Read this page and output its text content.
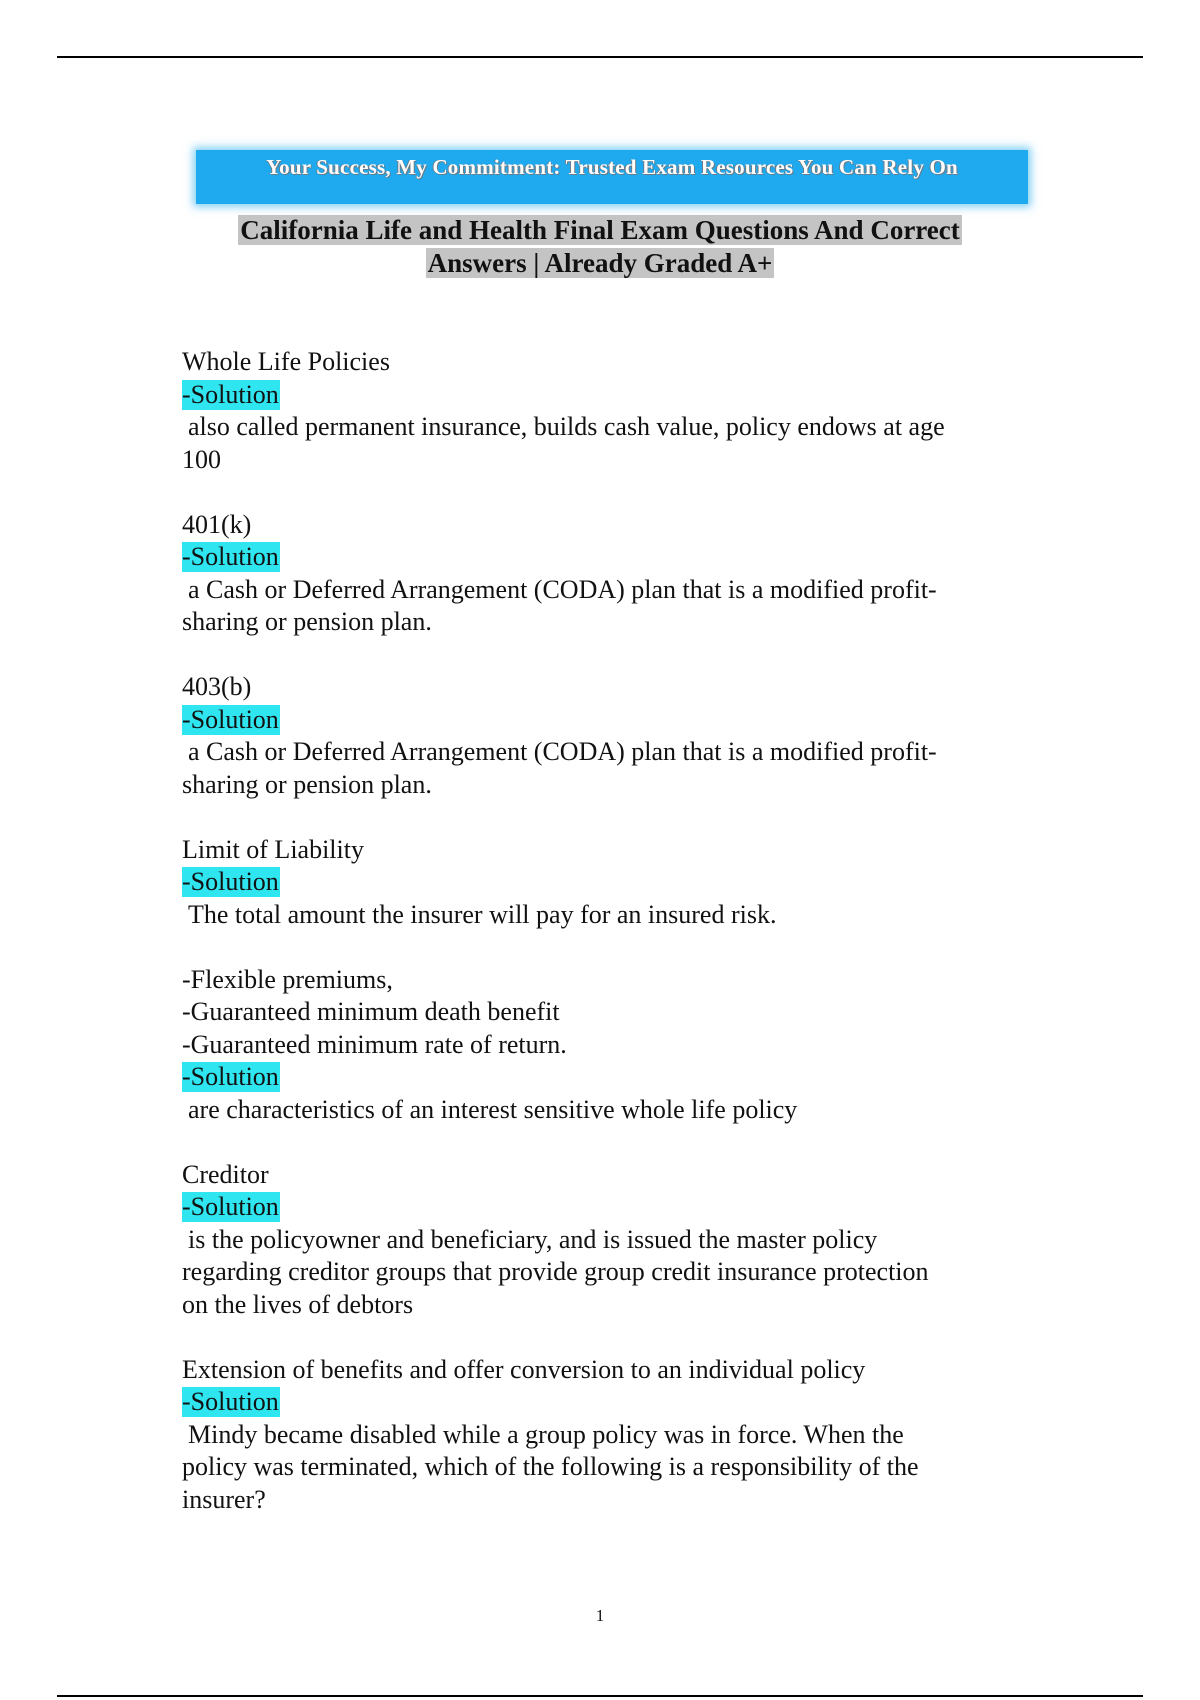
Your Success, My Commitment: Trusted Exam Resources You Can Rely On
California Life and Health Final Exam Questions And Correct
Answers | Already Graded A+
Whole Life Policies
-Solution
also called permanent insurance, builds cash value, policy endows at age
100
401(k)
-Solution
a Cash or Deferred Arrangement (CODA) plan that is a modified profit-
sharing or pension plan.
403(b)
-Solution
a Cash or Deferred Arrangement (CODA) plan that is a modified profit-
sharing or pension plan.
Limit of Liability
-Solution
The total amount the insurer will pay for an insured risk.
-Flexible premiums,
-Guaranteed minimum death benefit
-Guaranteed minimum rate of return.
-Solution
are characteristics of an interest sensitive whole life policy
Creditor
-Solution
is the policyowner and beneficiary, and is issued the master policy
regarding creditor groups that provide group credit insurance protection
on the lives of debtors
Extension of benefits and offer conversion to an individual policy
-Solution
Mindy became disabled while a group policy was in force. When the
policy was terminated, which of the following is a responsibility of the
insurer?
1
